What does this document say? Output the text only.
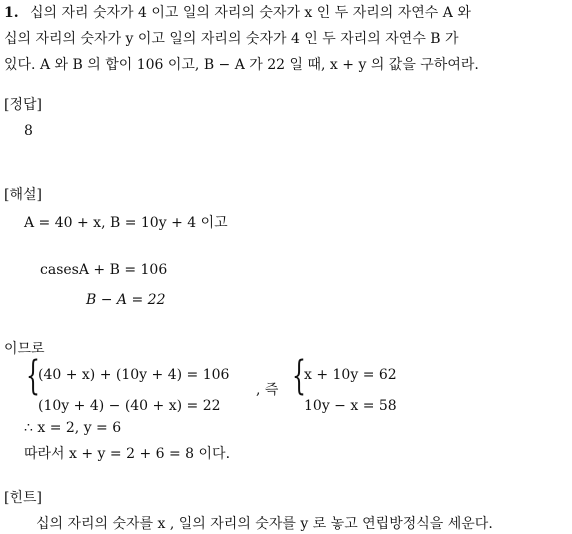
1. 십의 자리 숫자가 4 이고 일의 자리의 숫자가 x 인 두 자리의 자연수 A 와
십의 자리의 숫자가 y 이고 일의 자리의 숫자가 4 인 두 자리의 자연수 B 가
있다. A 와 B 의 합이 106 이고, B − A 가 22 일 때, x + y 의 값을 구하여라.
[정답]
8
[해설]
A = 40 + x, B = 10y + 4 이고
casesA + B = 106
B − A = 22
이므로
{
(40 + x) + (10y + 4) = 106
(10y + 4) − (40 + x) = 22
, 즉 {
x + 10y = 62
10y − x = 58
∴ x = 2, y = 6
따라서 x + y = 2 + 6 = 8 이다.
[힌트]
십의 자리의 숫자를 x , 일의 자리의 숫자를 y 로 놓고 연립방정식을 세운다.
